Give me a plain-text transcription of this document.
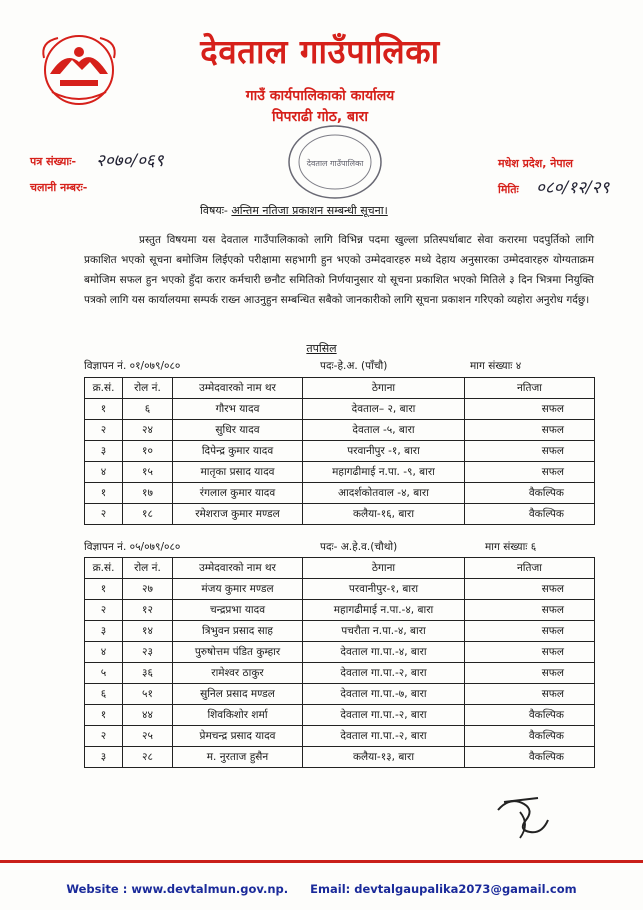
देवताल गाउँपालिका
गाउँ कार्यपालिकाको कार्यालय
पिपराढी गोठ, बारा
पत्र संख्याः- २०७०/०६९
चलानी नम्बरः-
मधेश प्रदेश, नेपाल
मितिः ०८०/१२/२९
देवताल गाउँपालिका
विषयः- अन्तिम नतिजा प्रकाशन सम्बन्धी सूचना।
प्रस्तुत विषयमा यस देवताल गाउँपालिकाको लागि विभिन्न पदमा खुल्ला प्रतिस्पर्धाबाट सेवा करारमा पदपुर्तिको लागि प्रकाशित भएको सूचना बमोजिम लिईएको परीक्षामा सहभागी हुन भएको उम्मेदवारहरु मध्ये देहाय अनुसारका उम्मेदवारहरु योग्यताक्रम बमोजिम सफल हुन भएको हुँदा करार कर्मचारी छनौट समितिको निर्णयानुसार यो सूचना प्रकाशित भएको मितिले ३ दिन भित्रमा नियुक्ति पत्रको लागि यस कार्यालयमा सम्पर्क राख्न आउनुहुन सम्बन्धित सबैको जानकारीको लागि सूचना प्रकाशन गरिएको व्यहोरा अनुरोध गर्दछु।
तपसिल
विज्ञापन नं. ०१/०७९/०८०	पदः-हे.अ. (पाँचौ)	माग संख्याः ४
क्र.सं.	रोल नं.	उम्मेदवारको नाम थर	ठेगाना	नतिजा
१	६	गौरभ यादव	देवताल– २, बारा	सफल
२	२४	सुधिर यादव	देवताल -५, बारा	सफल
३	१०	दिपेन्द्र कुमार यादव	परवानीपुर -१, बारा	सफल
४	१५	मातृका प्रसाद यादव	महागढीमाई न.पा. -९, बारा	सफल
१	१७	रंगलाल कुमार यादव	आदर्शकोतवाल -४, बारा	वैकल्पिक
२	१८	रमेशराज कुमार मण्डल	कलैया-१६, बारा	वैकल्पिक
विज्ञापन नं. ०५/०७९/०८०	पदः- अ.हे.व.(चौथो)	माग संख्याः ६
क्र.सं.	रोल नं.	उम्मेदवारको नाम थर	ठेगाना	नतिजा
१	२७	मंजय कुमार मण्डल	परवानीपुर-१, बारा	सफल
२	१२	चन्द्रप्रभा यादव	महागढीमाई न.पा.-४, बारा	सफल
३	१४	त्रिभुवन प्रसाद साह	पचरौता न.पा.-४, बारा	सफल
४	२३	पुरुषोत्तम पंडित कुम्हार	देवताल गा.पा.-४, बारा	सफल
५	३६	रामेश्वर ठाकुर	देवताल गा.पा.-२, बारा	सफल
६	५१	सुनिल प्रसाद मण्डल	देवताल गा.पा.-७, बारा	सफल
१	४४	शिवकिशोर शर्मा	देवताल गा.पा.-२, बारा	वैकल्पिक
२	२५	प्रेमचन्द्र प्रसाद यादव	देवताल गा.पा.-२, बारा	वैकल्पिक
३	२८	म. नुरताज हुसैन	कलैया-१३, बारा	वैकल्पिक
Website : www.devtalmun.gov.np. Email: devtalgaupalika2073@gamail.com
